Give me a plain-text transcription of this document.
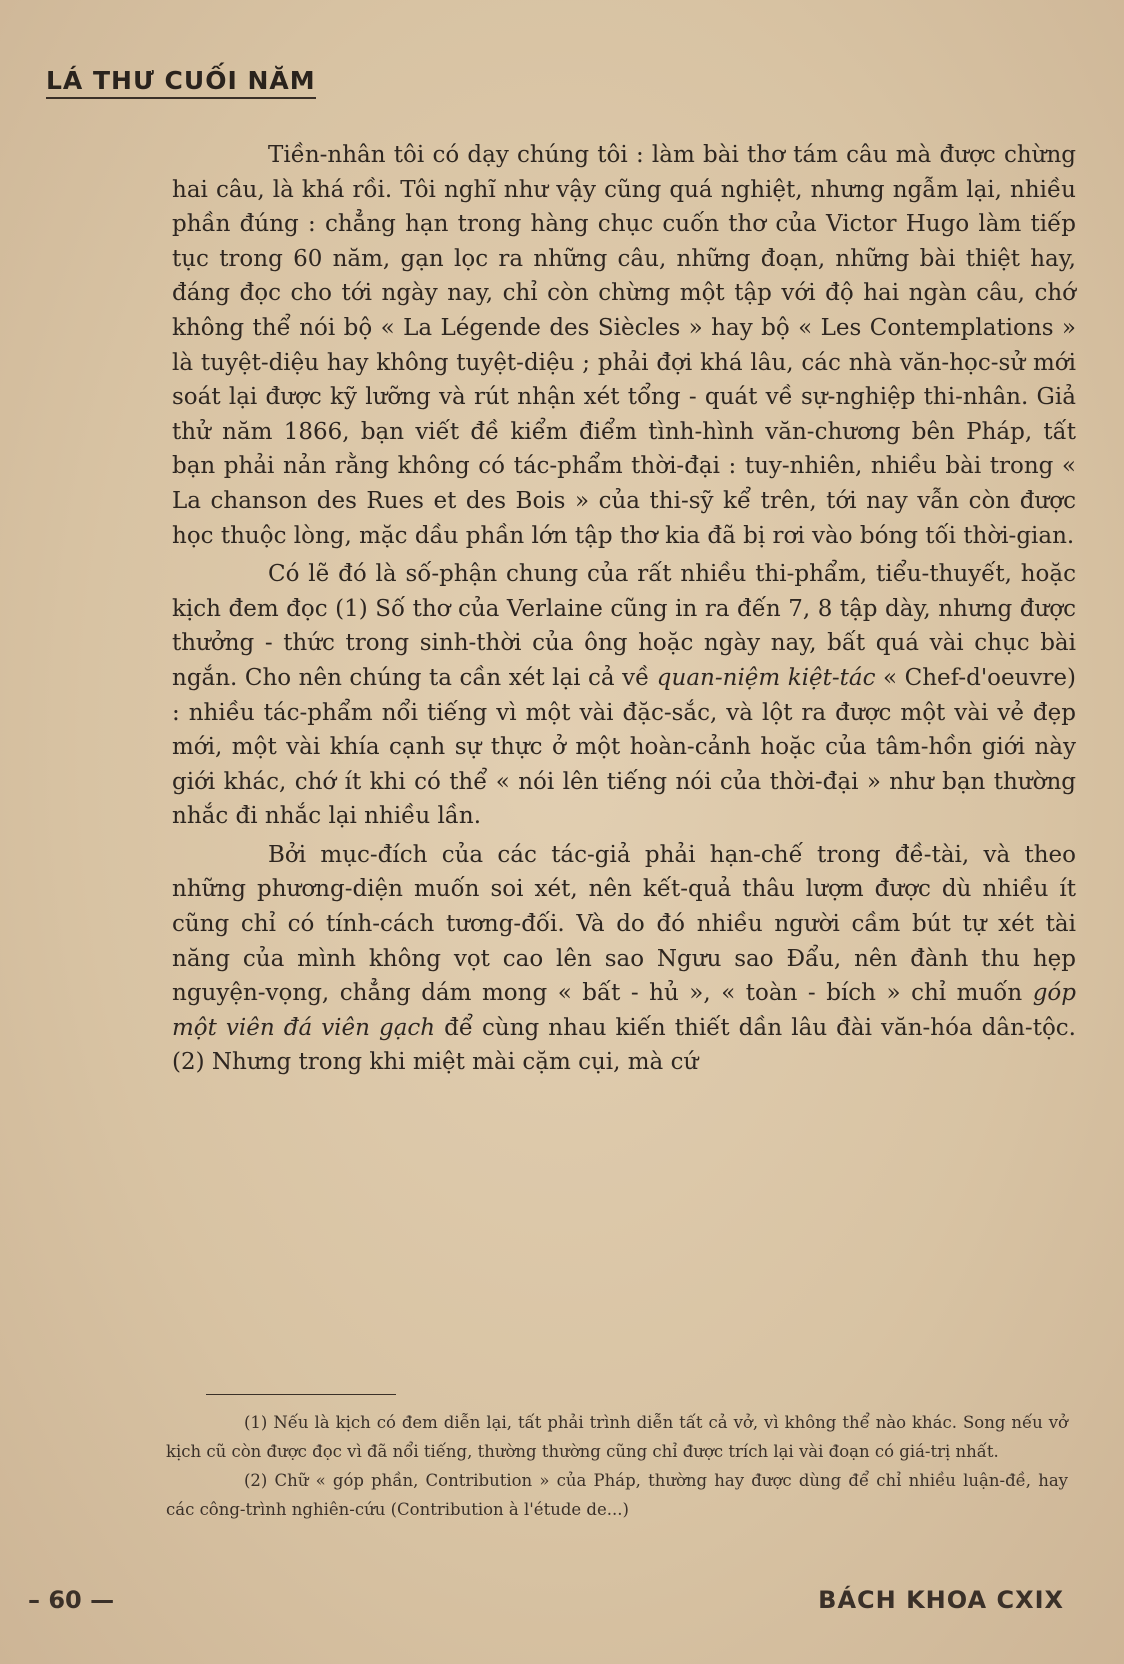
LÁ THƯ CUỐI NĂM

Tiền-nhân tôi có dạy chúng tôi : làm bài thơ tám câu mà được chừng hai câu, là khá rồi. Tôi nghĩ như vậy cũng quá nghiệt, nhưng ngẫm lại, nhiều phần đúng : chẳng hạn trong hàng chục cuốn thơ của Victor Hugo làm tiếp tục trong 60 năm, gạn lọc ra những câu, những đoạn, những bài thiệt hay, đáng đọc cho tới ngày nay, chỉ còn chừng một tập với độ hai ngàn câu, chớ không thể nói bộ « La Légende des Siècles » hay bộ « Les Contemplations » là tuyệt-diệu hay không tuyệt-diệu ; phải đợi khá lâu, các nhà văn-học-sử mới soát lại được kỹ lưỡng và rút nhận xét tổng - quát về sự-nghiệp thi-nhân. Giả thử năm 1866, bạn viết đề kiểm điểm tình-hình văn-chương bên Pháp, tất bạn phải nản rằng không có tác-phẩm thời-đại : tuy-nhiên, nhiều bài trong « La chanson des Rues et des Bois » của thi-sỹ kể trên, tới nay vẫn còn được học thuộc lòng, mặc dầu phần lớn tập thơ kia đã bị rơi vào bóng tối thời-gian.

Có lẽ đó là số-phận chung của rất nhiều thi-phẩm, tiểu-thuyết, hoặc kịch đem đọc (1) Số thơ của Verlaine cũng in ra đến 7, 8 tập dày, nhưng được thưởng - thức trong sinh-thời của ông hoặc ngày nay, bất quá vài chục bài ngắn. Cho nên chúng ta cần xét lại cả về quan-niệm kiệt-tác « Chef-d'oeuvre) : nhiều tác-phẩm nổi tiếng vì một vài đặc-sắc, và lột ra được một vài vẻ đẹp mới, một vài khía cạnh sự thực ở một hoàn-cảnh hoặc của tâm-hồn giới này giới khác, chớ ít khi có thể « nói lên tiếng nói của thời-đại » như bạn thường nhắc đi nhắc lại nhiều lần.

Bởi mục-đích của các tác-giả phải hạn-chế trong đề-tài, và theo những phương-diện muốn soi xét, nên kết-quả thâu lượm được dù nhiều ít cũng chỉ có tính-cách tương-đối. Và do đó nhiều người cầm bút tự xét tài năng của mình không vọt cao lên sao Ngưu sao Đẩu, nên đành thu hẹp nguyện-vọng, chẳng dám mong « bất - hủ », « toàn - bích » chỉ muốn góp một viên đá viên gạch để cùng nhau kiến thiết dần lâu đài văn-hóa dân-tộc. (2) Nhưng trong khi miệt mài cặm cụi, mà cứ

(1) Nếu là kịch có đem diễn lại, tất phải trình diễn tất cả vở, vì không thể nào khác. Song nếu vở kịch cũ còn được đọc vì đã nổi tiếng, thường thường cũng chỉ được trích lại vài đoạn có giá-trị nhất.

(2) Chữ « góp phần, Contribution » của Pháp, thường hay được dùng để chỉ nhiều luận-đề, hay các công-trình nghiên-cứu (Contribution à l'étude de...)

– 60 —	BÁCH KHOA CXIX
